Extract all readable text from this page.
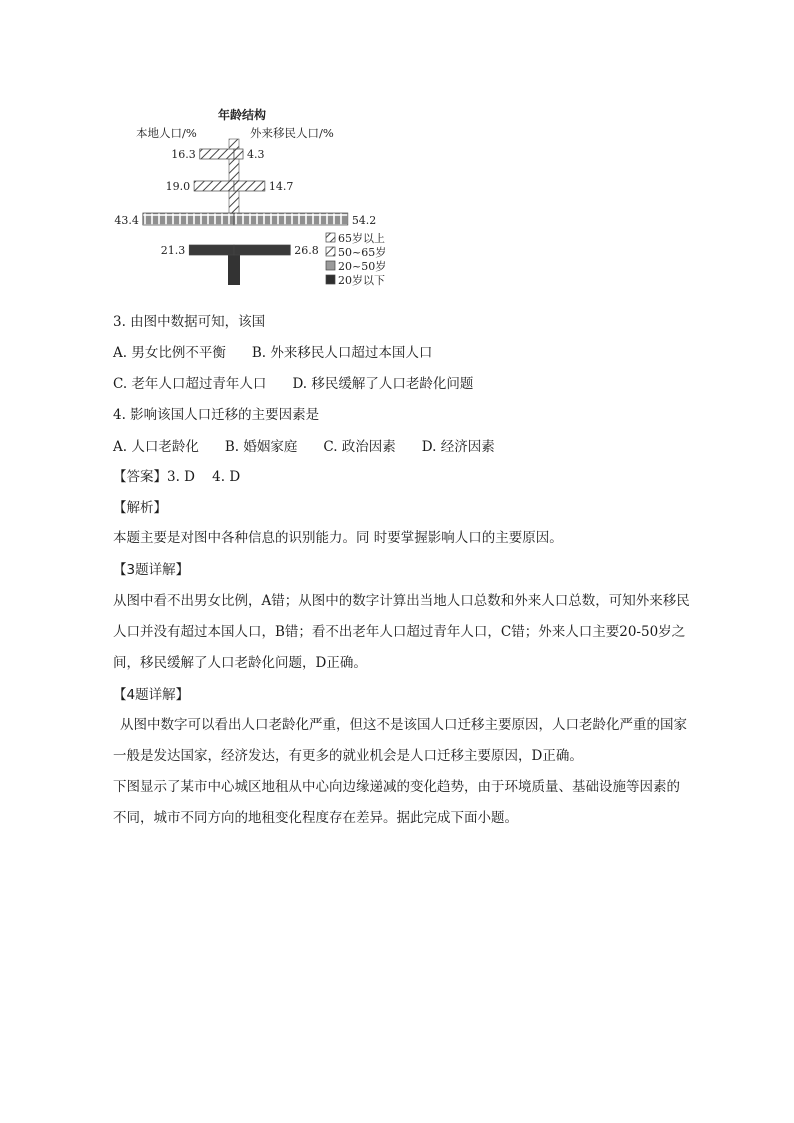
16.3	4.3
19.0	14.7
43.4	54.2
21.3	26.8
年龄结构
本地人口/%	外来移民人口/%
65岁以上
50~65岁
20~50岁
20岁以下
3. 由图中数据可知，该国
A. 男女比例不平衡 B. 外来移民人口超过本国人口
C. 老年人口超过青年人口 D. 移民缓解了人口老龄化问题
4. 影响该国人口迁移的主要因素是
A. 人口老龄化 B. 婚姻家庭 C. 政治因素 D. 经济因素
【答案】3. D    4. D
【解析】
本题主要是对图中各种信息的识别能力。同 时要掌握影响人口的主要原因。
【3题详解】
从图中看不出男女比例，A错；从图中的数字计算出当地人口总数和外来人口总数，可知外来移民人口并没有超过本国人口，B错；看不出老年人口超过青年人口，C错；外来人口主要20-50岁之间，移民缓解了人口老龄化问题，D正确。
【4题详解】
从图中数字可以看出人口老龄化严重，但这不是该国人口迁移主要原因，人口老龄化严重的国家一般是发达国家，经济发达，有更多的就业机会是人口迁移主要原因，D正确。
下图显示了某市中心城区地租从中心向边缘递减的变化趋势，由于环境质量、基础设施等因素的不同，城市不同方向的地租变化程度存在差异。据此完成下面小题。
